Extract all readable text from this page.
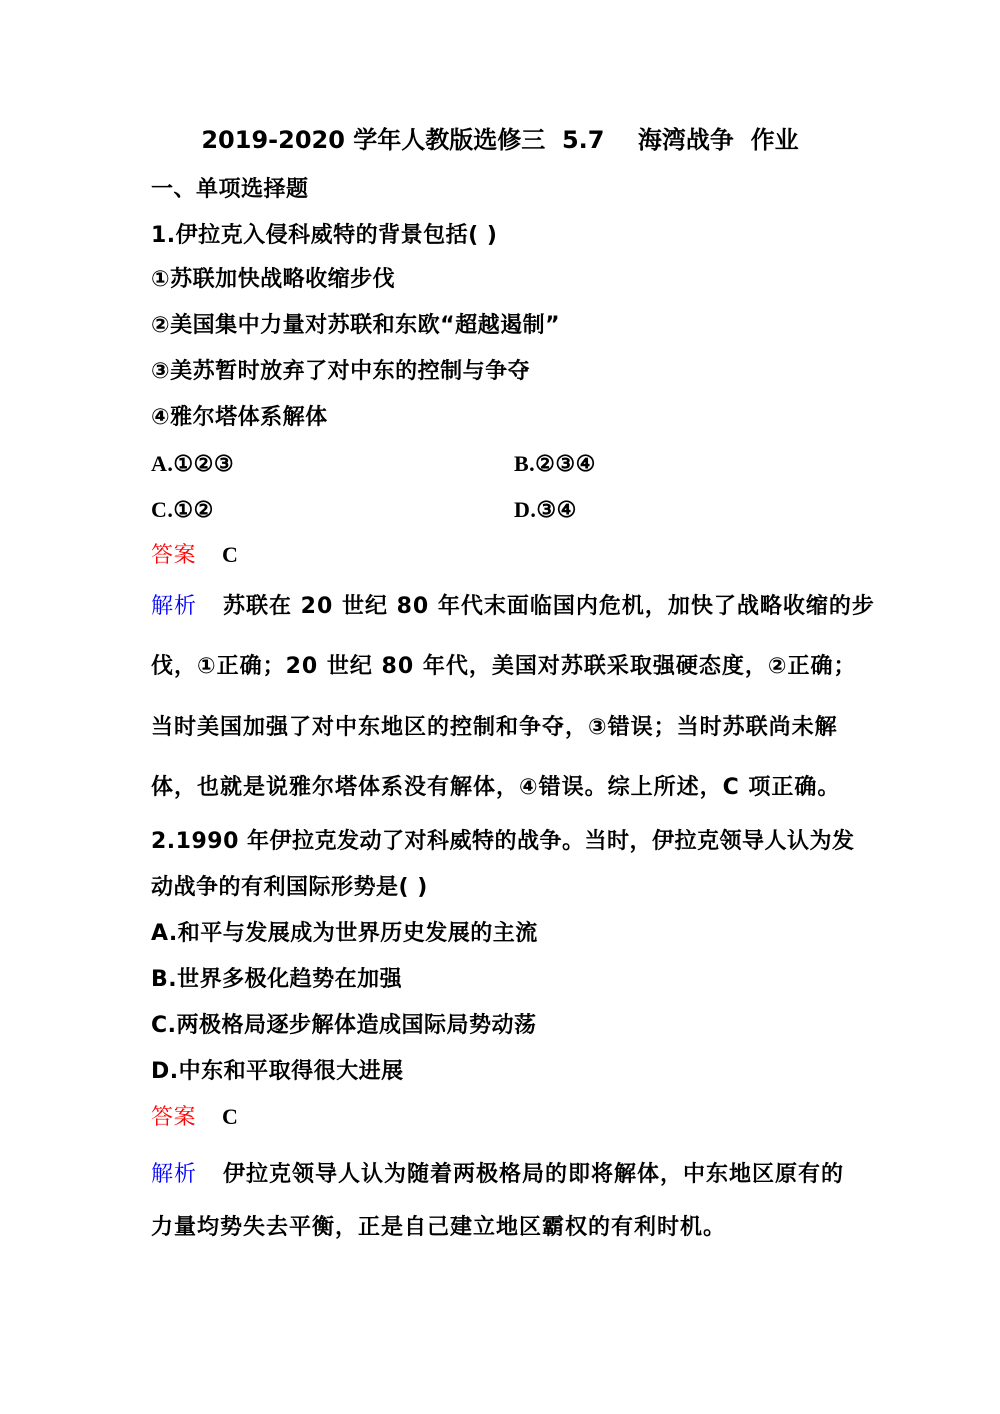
2019-2020 学年人教版选修三  5.7    海湾战争  作业
一、单项选择题
1.伊拉克入侵科威特的背景包括( )
①苏联加快战略收缩步伐
②美国集中力量对苏联和东欧“超越遏制”
③美苏暂时放弃了对中东的控制与争夺
④雅尔塔体系解体
A.①②③	B.②③④
C.①②	D.③④
答案 C
解析 苏联在 20 世纪 80 年代末面临国内危机，加快了战略收缩的步
伐，①正确；20 世纪 80 年代，美国对苏联采取强硬态度，②正确；
当时美国加强了对中东地区的控制和争夺，③错误；当时苏联尚未解
体，也就是说雅尔塔体系没有解体，④错误。综上所述，C 项正确。
2.1990 年伊拉克发动了对科威特的战争。当时，伊拉克领导人认为发
动战争的有利国际形势是( )
A.和平与发展成为世界历史发展的主流
B.世界多极化趋势在加强
C.两极格局逐步解体造成国际局势动荡
D.中东和平取得很大进展
答案 C
解析 伊拉克领导人认为随着两极格局的即将解体，中东地区原有的
力量均势失去平衡，正是自己建立地区霸权的有利时机。
